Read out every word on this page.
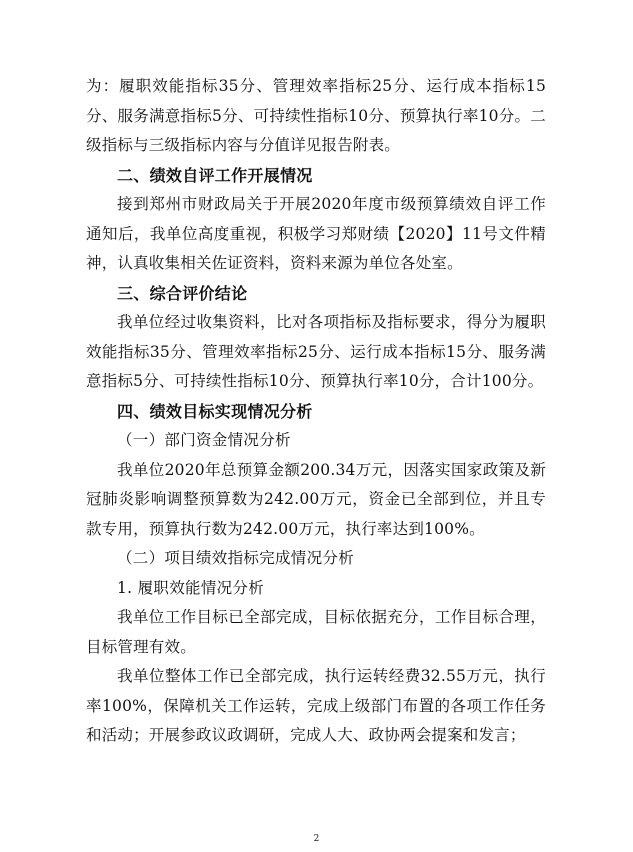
为：履职效能指标35分、管理效率指标25分、运行成本指标15分、服务满意指标5分、可持续性指标10分、预算执行率10分。二级指标与三级指标内容与分值详见报告附表。

二、绩效自评工作开展情况

接到郑州市财政局关于开展2020年度市级预算绩效自评工作通知后，我单位高度重视，积极学习郑财绩【2020】11号文件精神，认真收集相关佐证资料，资料来源为单位各处室。

三、综合评价结论

我单位经过收集资料，比对各项指标及指标要求，得分为履职效能指标35分、管理效率指标25分、运行成本指标15分、服务满意指标5分、可持续性指标10分、预算执行率10分，合计100分。

四、绩效目标实现情况分析

（一）部门资金情况分析

我单位2020年总预算金额200.34万元，因落实国家政策及新冠肺炎影响调整预算数为242.00万元，资金已全部到位，并且专款专用，预算执行数为242.00万元，执行率达到100%。

（二）项目绩效指标完成情况分析

1. 履职效能情况分析

我单位工作目标已全部完成，目标依据充分，工作目标合理，目标管理有效。

我单位整体工作已全部完成，执行运转经费32.55万元，执行率100%，保障机关工作运转，完成上级部门布置的各项工作任务和活动；开展参政议政调研，完成人大、政协两会提案和发言；

2
